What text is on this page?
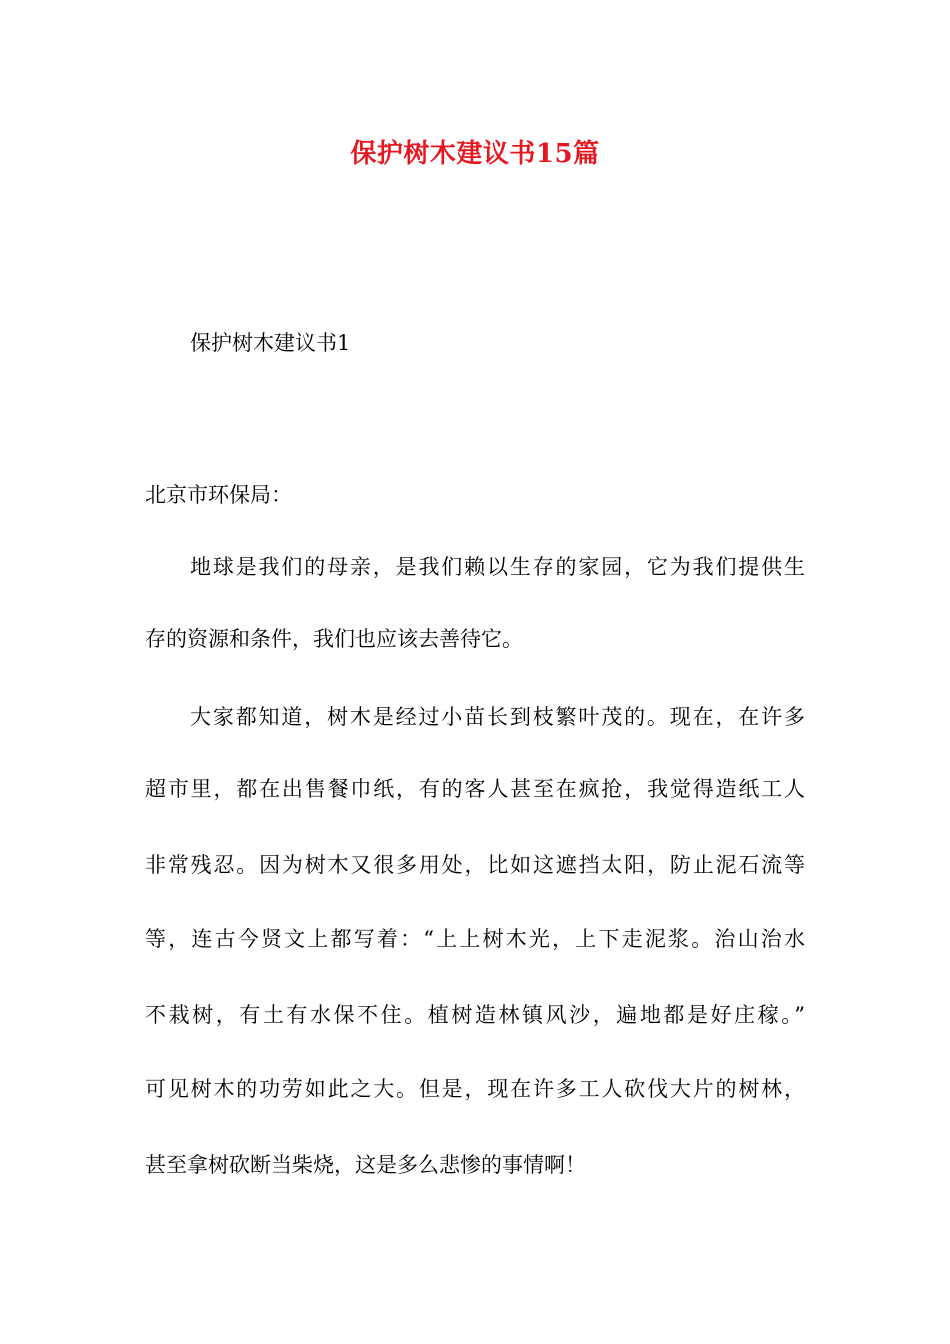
保护树木建议书15篇

保护树木建议书1

北京市环保局：

地球是我们的母亲，是我们赖以生存的家园，它为我们提供生

存的资源和条件，我们也应该去善待它。

大家都知道，树木是经过小苗长到枝繁叶茂的。现在，在许多

超市里，都在出售餐巾纸，有的客人甚至在疯抢，我觉得造纸工人

非常残忍。因为树木又很多用处，比如这遮挡太阳，防止泥石流等

等，连古今贤文上都写着：“上上树木光，上下走泥浆。治山治水

不栽树，有土有水保不住。植树造林镇风沙，遍地都是好庄稼。”

可见树木的功劳如此之大。但是，现在许多工人砍伐大片的树林，

甚至拿树砍断当柴烧，这是多么悲惨的事情啊！
